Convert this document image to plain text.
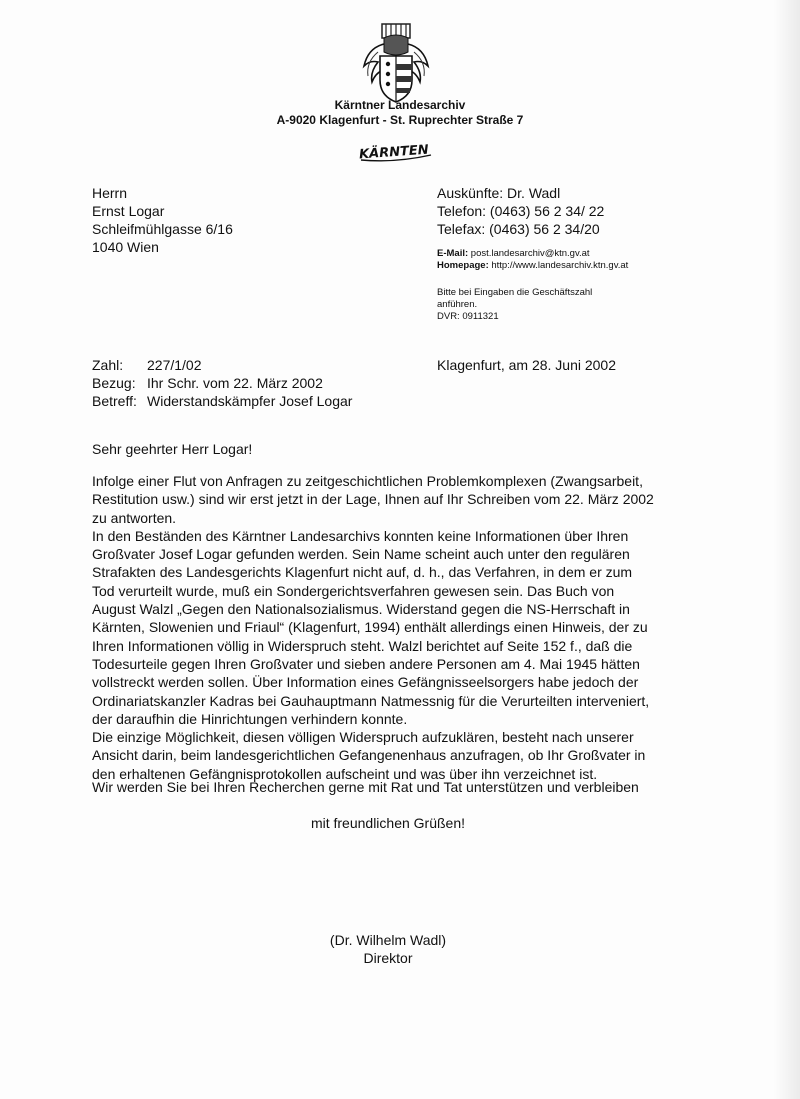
Kärntner Landesarchiv
A-9020 Klagenfurt - St. Ruprechter Straße 7
KÄRNTEN
Herrn
Ernst Logar
Schleifmühlgasse 6/16
1040 Wien
Auskünfte: Dr. Wadl
Telefon: (0463) 56 2 34/ 22
Telefax: (0463) 56 2 34/20
E-Mail: post.landesarchiv@ktn.gv.at
Homepage: http://www.landesarchiv.ktn.gv.at
Bitte bei Eingaben die Geschäftszahl
anführen.
DVR: 0911321
Zahl: 227/1/02
Bezug: Ihr Schr. vom 22. März 2002
Betreff: Widerstandskämpfer Josef Logar
Klagenfurt, am 28. Juni 2002
Sehr geehrter Herr Logar!
Infolge einer Flut von Anfragen zu zeitgeschichtlichen Problemkomplexen (Zwangsarbeit,
Restitution usw.) sind wir erst jetzt in der Lage, Ihnen auf Ihr Schreiben vom 22. März 2002
zu antworten.
In den Beständen des Kärntner Landesarchivs konnten keine Informationen über Ihren
Großvater Josef Logar gefunden werden. Sein Name scheint auch unter den regulären
Strafakten des Landesgerichts Klagenfurt nicht auf, d. h., das Verfahren, in dem er zum
Tod verurteilt wurde, muß ein Sondergerichtsverfahren gewesen sein. Das Buch von
August Walzl „Gegen den Nationalsozialismus. Widerstand gegen die NS-Herrschaft in
Kärnten, Slowenien und Friaul“ (Klagenfurt, 1994) enthält allerdings einen Hinweis, der zu
Ihren Informationen völlig in Widerspruch steht. Walzl berichtet auf Seite 152 f., daß die
Todesurteile gegen Ihren Großvater und sieben andere Personen am 4. Mai 1945 hätten
vollstreckt werden sollen. Über Information eines Gefängnisseelsorgers habe jedoch der
Ordinariatskanzler Kadras bei Gauhauptmann Natmessnig für die Verurteilten interveniert,
der daraufhin die Hinrichtungen verhindern konnte.
Die einzige Möglichkeit, diesen völligen Widerspruch aufzuklären, besteht nach unserer
Ansicht darin, beim landesgerichtlichen Gefangenenhaus anzufragen, ob Ihr Großvater in
den erhaltenen Gefängnisprotokollen aufscheint und was über ihn verzeichnet ist.
Wir werden Sie bei Ihren Recherchen gerne mit Rat und Tat unterstützen und verbleiben
mit freundlichen Grüßen!
(Dr. Wilhelm Wadl)
Direktor
